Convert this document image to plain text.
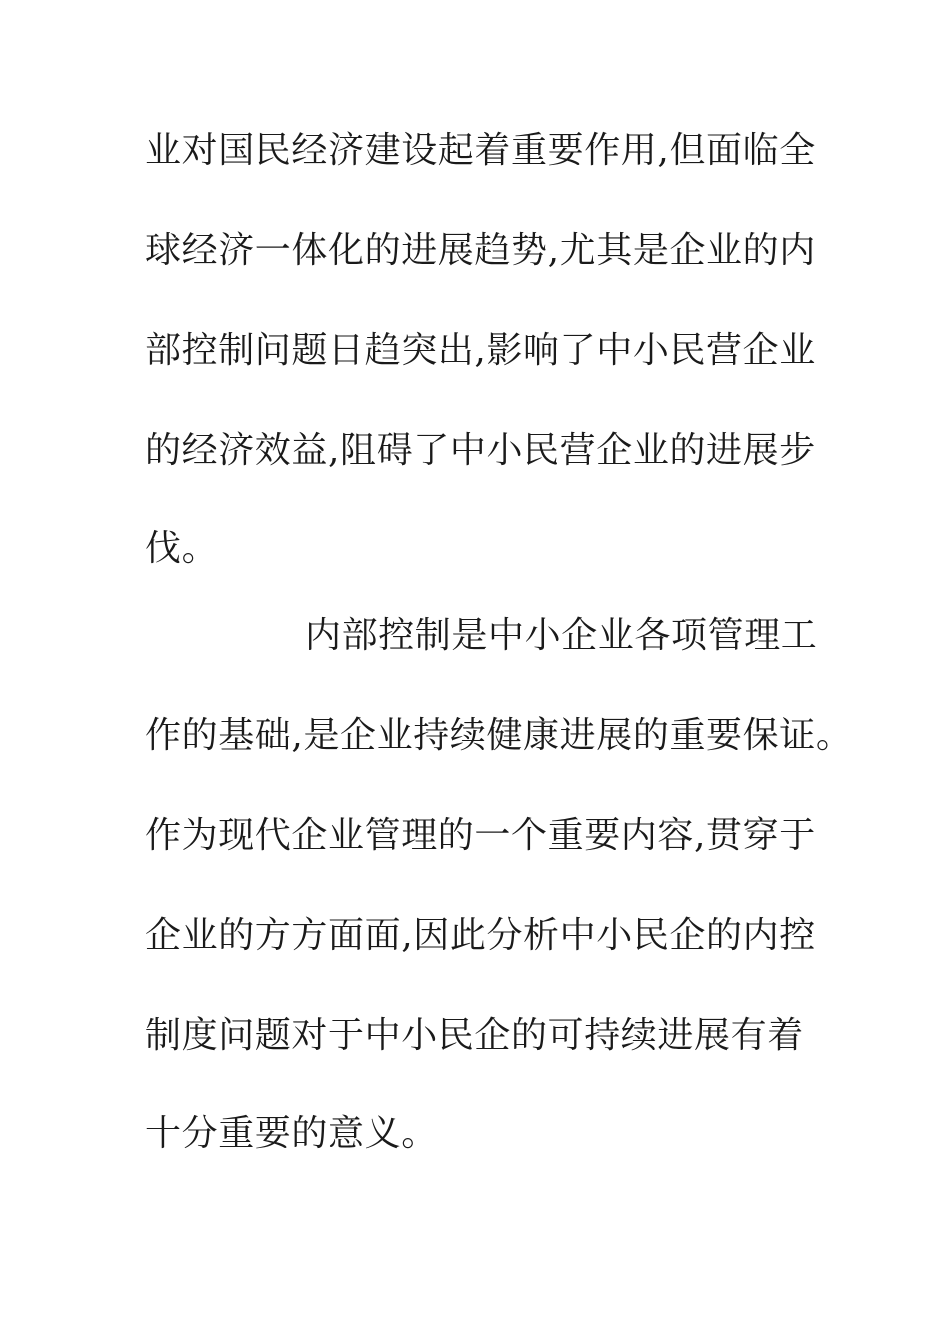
业对国民经济建设起着重要作用,但面临全
球经济一体化的进展趋势,尤其是企业的内
部控制问题日趋突出,影响了中小民营企业
的经济效益,阻碍了中小民营企业的进展步
伐。
内部控制是中小企业各项管理工
作的基础,是企业持续健康进展的重要保证。
作为现代企业管理的一个重要内容,贯穿于
企业的方方面面,因此分析中小民企的内控
制度问题对于中小民企的可持续进展有着
十分重要的意义。
